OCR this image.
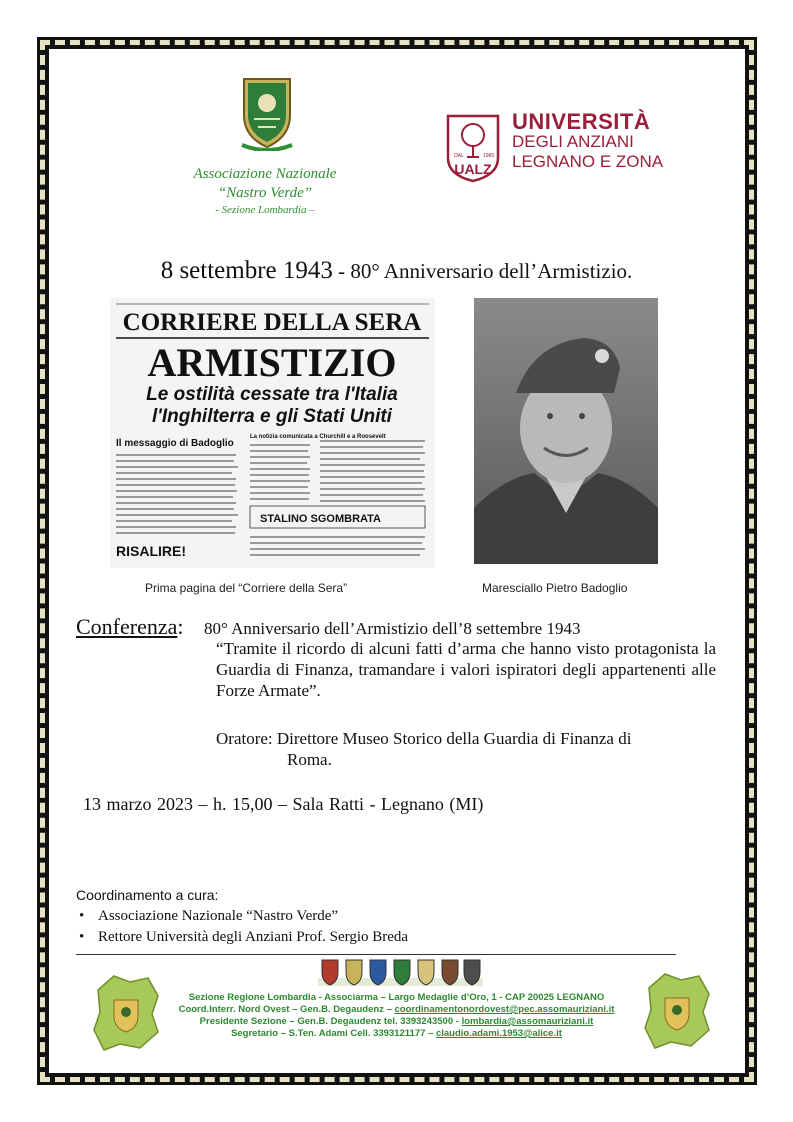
Associazione Nazionale
“Nastro Verde”
- Sezione Lombardia –
DAL	1985
UALZ
UNIVERSITÀ
DEGLI ANZIANI
LEGNANO E ZONA
8 settembre 1943 - 80° Anniversario dell’Armistizio.
CORRIERE DELLA SERA
ARMISTIZIO
Le ostilità cessate tra l'Italia
l'Inghilterra e gli Stati Uniti
Il messaggio di Badoglio
La notizia comunicata a Churchill e a Roosevelt
STALINO SGOMBRATA
RISALIRE!
Prima pagina del “Corriere della Sera”	Maresciallo Pietro Badoglio
Conferenza: 80° Anniversario dell’Armistizio dell’8 settembre 1943
“Tramite il ricordo di alcuni fatti d’arma che hanno visto protagonista la Guardia di Finanza, tramandare i valori ispiratori degli appartenenti alle Forze Armate”.
Oratore: Direttore Museo Storico della Guardia di Finanza di
Roma.
13 marzo 2023 – h. 15,00 – Sala Ratti - Legnano (MI)
Coordinamento a cura:
• Associazione Nazionale “Nastro Verde”
• Rettore Università degli Anziani Prof. Sergio Breda
Sezione Regione Lombardia - Associarma – Largo Medaglie d’Oro, 1 - CAP 20025 LEGNANO
Coord.Interr. Nord Ovest – Gen.B. Degaudenz – coordinamentonordovest@pec.assomauriziani.it
Presidente Sezione – Gen.B. Degaudenz tel. 3393243500 - lombardia@assomauriziani.it
Segretario – S.Ten. Adami Cell. 3393121177 – claudio.adami.1953@alice.it
